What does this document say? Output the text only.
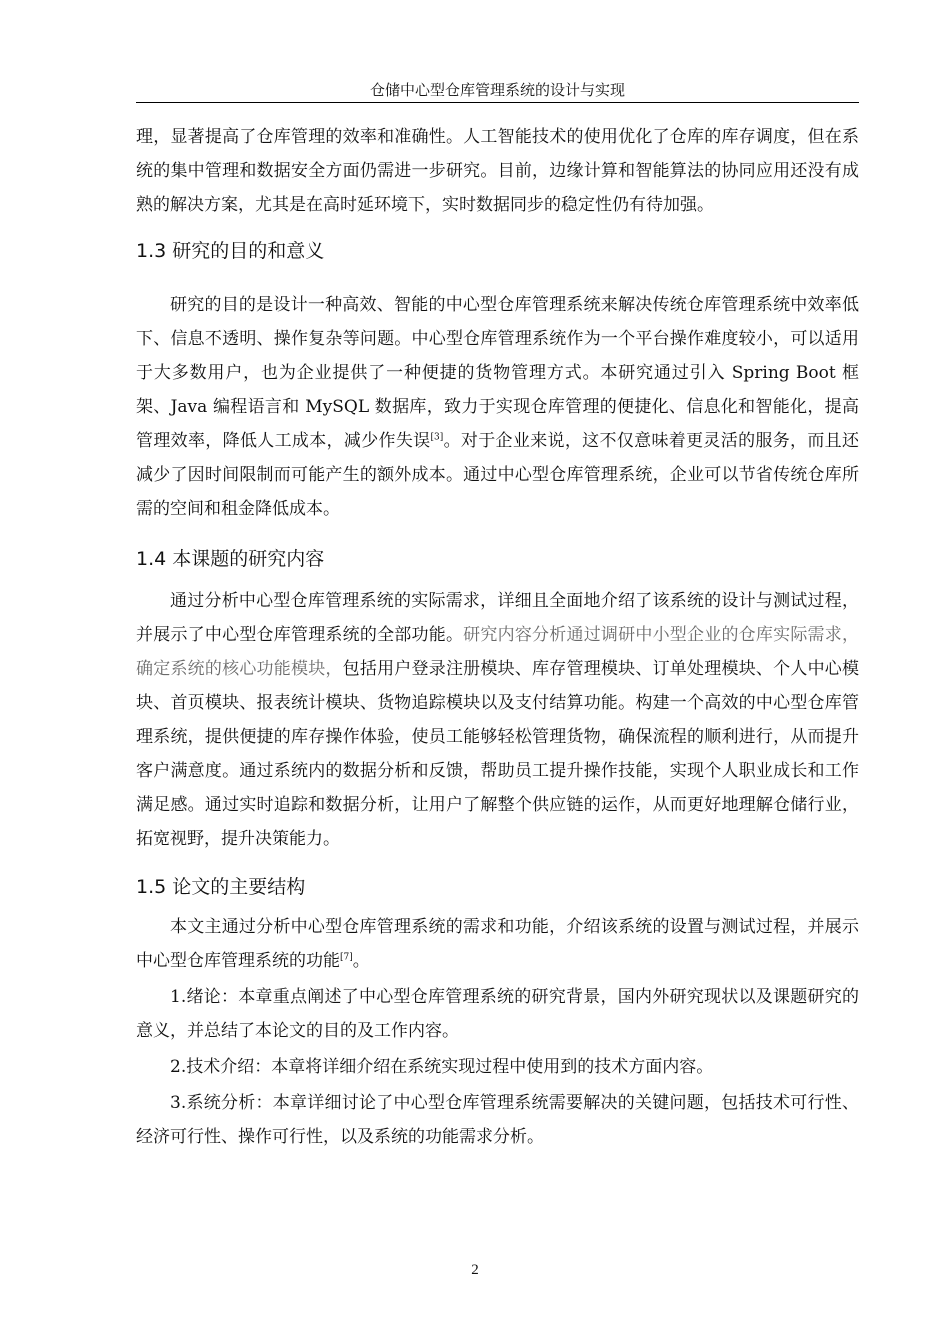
仓储中心型仓库管理系统的设计与实现

理，显著提高了仓库管理的效率和准确性。人工智能技术的使用优化了仓库的库存调度，但在系统的集中管理和数据安全方面仍需进一步研究。目前，边缘计算和智能算法的协同应用还没有成熟的解决方案，尤其是在高时延环境下，实时数据同步的稳定性仍有待加强。

1.3 研究的目的和意义

研究的目的是设计一种高效、智能的中心型仓库管理系统来解决传统仓库管理系统中效率低下、信息不透明、操作复杂等问题。中心型仓库管理系统作为一个平台操作难度较小，可以适用于大多数用户，也为企业提供了一种便捷的货物管理方式。本研究通过引入 Spring Boot 框架、Java 编程语言和 MySQL 数据库，致力于实现仓库管理的便捷化、信息化和智能化，提高管理效率，降低人工成本，减少作失误[3]。对于企业来说，这不仅意味着更灵活的服务，而且还减少了因时间限制而可能产生的额外成本。通过中心型仓库管理系统，企业可以节省传统仓库所需的空间和租金降低成本。

1.4 本课题的研究内容

通过分析中心型仓库管理系统的实际需求，详细且全面地介绍了该系统的设计与测试过程，并展示了中心型仓库管理系统的全部功能。研究内容分析通过调研中小型企业的仓库实际需求，确定系统的核心功能模块，包括用户登录注册模块、库存管理模块、订单处理模块、个人中心模块、首页模块、报表统计模块、货物追踪模块以及支付结算功能。构建一个高效的中心型仓库管理系统，提供便捷的库存操作体验，使员工能够轻松管理货物，确保流程的顺利进行，从而提升客户满意度。通过系统内的数据分析和反馈，帮助员工提升操作技能，实现个人职业成长和工作满足感。通过实时追踪和数据分析，让用户了解整个供应链的运作，从而更好地理解仓储行业，拓宽视野，提升决策能力。

1.5 论文的主要结构

本文主通过分析中心型仓库管理系统的需求和功能，介绍该系统的设置与测试过程，并展示中心型仓库管理系统的功能[7]。

1.绪论：本章重点阐述了中心型仓库管理系统的研究背景，国内外研究现状以及课题研究的意义，并总结了本论文的目的及工作内容。

2.技术介绍：本章将详细介绍在系统实现过程中使用到的技术方面内容。

3.系统分析：本章详细讨论了中心型仓库管理系统需要解决的关键问题，包括技术可行性、经济可行性、操作可行性，以及系统的功能需求分析。

2
